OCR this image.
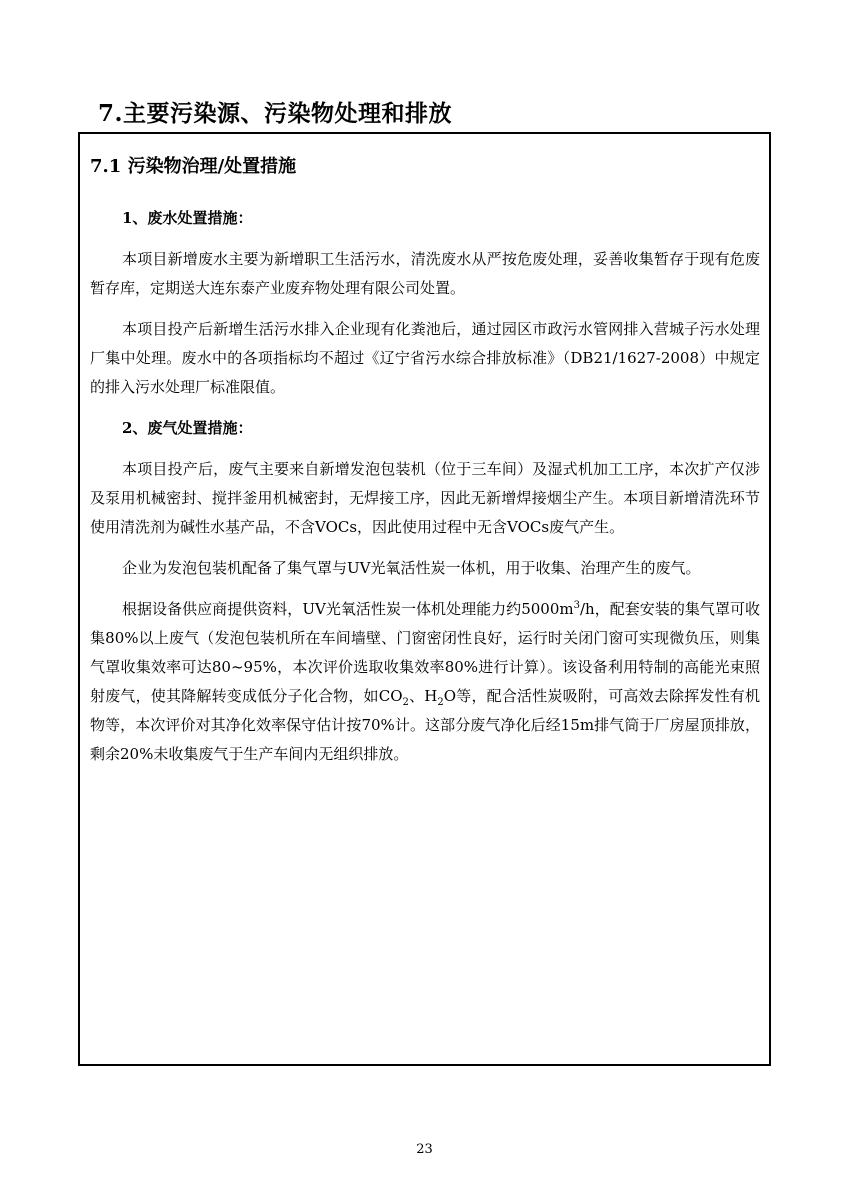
7.主要污染源、污染物处理和排放
7.1 污染物治理/处置措施

1、废水处置措施：

本项目新增废水主要为新增职工生活污水，清洗废水从严按危废处理，妥善收集暂存于现有危废暂存库，定期送大连东泰产业废弃物处理有限公司处置。

本项目投产后新增生活污水排入企业现有化粪池后，通过园区市政污水管网排入营城子污水处理厂集中处理。废水中的各项指标均不超过《辽宁省污水综合排放标准》（DB21/1627-2008）中规定的排入污水处理厂标准限值。

2、废气处置措施：

本项目投产后，废气主要来自新增发泡包装机（位于三车间）及湿式机加工工序，本次扩产仅涉及泵用机械密封、搅拌釜用机械密封，无焊接工序，因此无新增焊接烟尘产生。本项目新增清洗环节使用清洗剂为碱性水基产品，不含VOCs，因此使用过程中无含VOCs废气产生。

企业为发泡包装机配备了集气罩与UV光氧活性炭一体机，用于收集、治理产生的废气。

根据设备供应商提供资料，UV光氧活性炭一体机处理能力约$5000m^3/h$，配套安装的集气罩可收集80%以上废气（发泡包装机所在车间墙壁、门窗密闭性良好，运行时关闭门窗可实现微负压，则集气罩收集效率可达80~95%，本次评价选取收集效率80%进行计算）。该设备利用特制的高能光束照射废气，使其降解转变成低分子化合物，如$CO_2$、$H_2O$等，配合活性炭吸附，可高效去除挥发性有机物等，本次评价对其净化效率保守估计按70%计。这部分废气净化后经15m排气筒于厂房屋顶排放，剩余20%未收集废气于生产车间内无组织排放。

23
